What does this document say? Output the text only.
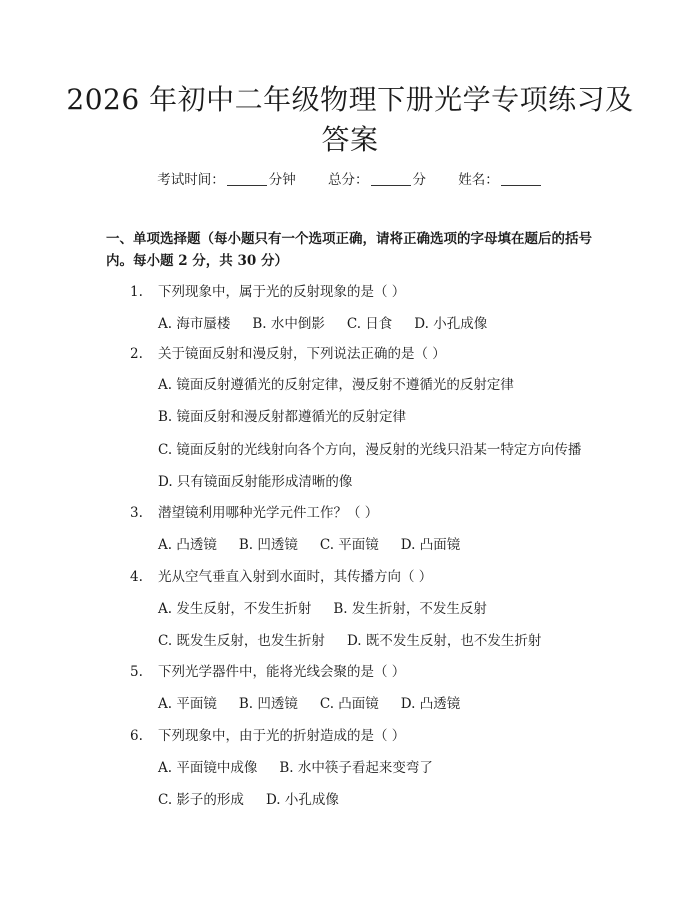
2026 年初中二年级物理下册光学专项练习及
答案
考试时间：	分钟 总分：	分 姓名：
一、单项选择题（每小题只有一个选项正确，请将正确选项的字母填在题后的括号内。每小题 2 分，共 30 分）
1. 下列现象中，属于光的反射现象的是（ ）
A. 海市蜃楼 B. 水中倒影 C. 日食 D. 小孔成像
2. 关于镜面反射和漫反射，下列说法正确的是（ ）
A. 镜面反射遵循光的反射定律，漫反射不遵循光的反射定律
B. 镜面反射和漫反射都遵循光的反射定律
C. 镜面反射的光线射向各个方向，漫反射的光线只沿某一特定方向传播
D. 只有镜面反射能形成清晰的像
3. 潜望镜利用哪种光学元件工作？（ ）
A. 凸透镜 B. 凹透镜 C. 平面镜 D. 凸面镜
4. 光从空气垂直入射到水面时，其传播方向（ ）
A. 发生反射，不发生折射 B. 发生折射，不发生反射
C. 既发生反射，也发生折射 D. 既不发生反射，也不发生折射
5. 下列光学器件中，能将光线会聚的是（ ）
A. 平面镜 B. 凹透镜 C. 凸面镜 D. 凸透镜
6. 下列现象中，由于光的折射造成的是（ ）
A. 平面镜中成像 B. 水中筷子看起来变弯了
C. 影子的形成 D. 小孔成像
